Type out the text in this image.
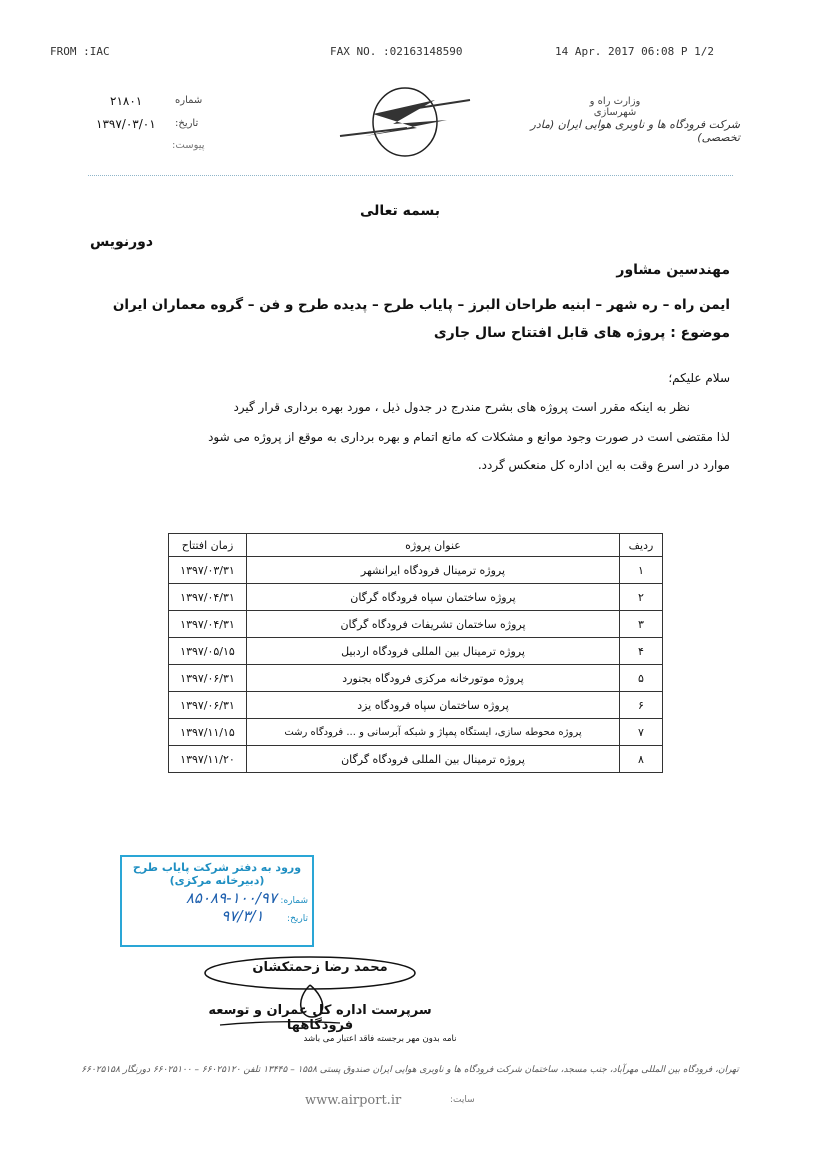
FROM :IAC	FAX NO. :02163148590	14 Apr. 2017 06:08 P 1/2
شماره
۲۱۸۰۱
تاریخ:
۱۳۹۷/۰۳/۰۱
پیوست:
وزارت راه و شهرسازی
شرکت فرودگاه ها و ناوبری هوایی ایران (مادر تخصصی)
بسمه تعالی
دورنویس
مهندسین مشاور
ایمن راه – ره شهر – ابنیه طراحان البرز – پایاب طرح – پدیده طرح و فن – گروه معماران ایران
موضوع : پروژه های قابل افتتاح سال جاری
سلام علیکم؛
نظر به اینکه مقرر است پروژه های بشرح مندرج در جدول ذیل ، مورد بهره برداری قرار گیرد
لذا مقتضی است در صورت وجود موانع و مشکلات که مانع اتمام و بهره برداری به موقع از پروژه می شود
موارد در اسرع وقت به این اداره کل منعکس گردد.
ردیف	عنوان پروژه	زمان افتتاح
۱	پروژه ترمینال فرودگاه ایرانشهر	۱۳۹۷/۰۳/۳۱
۲	پروژه ساختمان سپاه فرودگاه گرگان	۱۳۹۷/۰۴/۳۱
۳	پروژه ساختمان تشریفات فرودگاه گرگان	۱۳۹۷/۰۴/۳۱
۴	پروژه ترمینال بین المللی فرودگاه اردبیل	۱۳۹۷/۰۵/۱۵
۵	پروژه موتورخانه مرکزی فرودگاه بجنورد	۱۳۹۷/۰۶/۳۱
۶	پروژه ساختمان سپاه فرودگاه یزد	۱۳۹۷/۰۶/۳۱
۷	پروژه محوطه سازی، ایستگاه پمپاژ و شبکه آبرسانی و ... فرودگاه رشت	۱۳۹۷/۱۱/۱۵
۸	پروژه ترمینال بین المللی فرودگاه گرگان	۱۳۹۷/۱۱/۲۰
ورود به دفتر شرکت پایاب طرح
(دبیرخانه مرکزی)
شماره: ۱۰۰/۹۷-۸۵۰۸۹
تاریخ: ۹۷/۳/۱
محمد رضا زحمتکشان
سرپرست اداره کل عمران و توسعه فرودگاهها
نامه بدون مهر برجسته فاقد اعتبار می باشد
تهران، فرودگاه بین المللی مهرآباد، جنب مسجد، ساختمان شرکت فرودگاه ها و ناوبری هوایی ایران صندوق پستی ۱۵۵۸ – ۱۳۴۴۵ تلفن ۶۶۰۲۵۱۲۰ – ۶۶۰۲۵۱۰۰ دورنگار ۶۶۰۲۵۱۵۸
www.airport.ir	سایت:
